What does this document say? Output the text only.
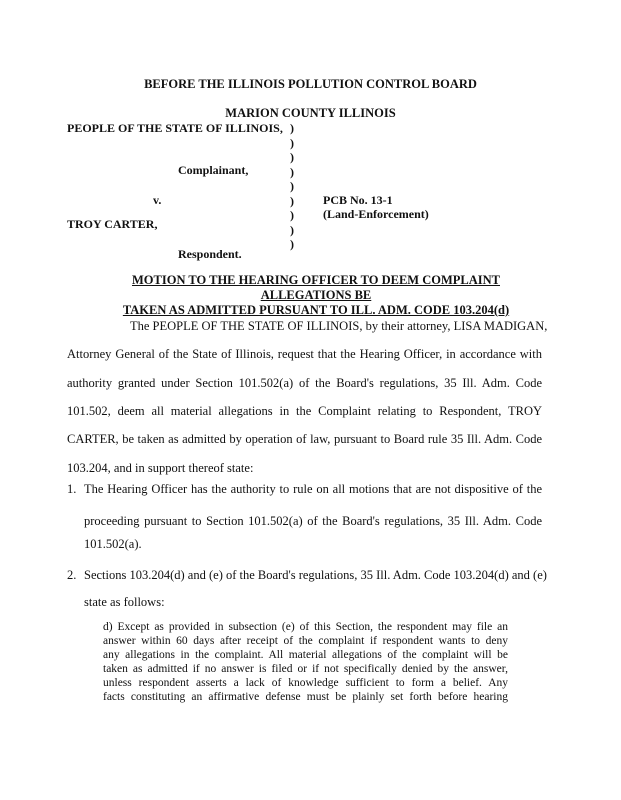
BEFORE THE ILLINOIS POLLUTION CONTROL BOARD
MARION COUNTY ILLINOIS
PEOPLE OF THE STATE OF ILLINOIS,
Complainant,
v.
TROY CARTER,
Respondent.
PCB No. 13-1
(Land-Enforcement)
)
)
)
)
)
)
)
)
)
MOTION TO THE HEARING OFFICER TO DEEM COMPLAINT ALLEGATIONS BE
TAKEN AS ADMITTED PURSUANT TO ILL. ADM. CODE 103.204(d)
The PEOPLE OF THE STATE OF ILLINOIS, by their attorney, LISA MADIGAN,
Attorney General of the State of Illinois, request that the Hearing Officer, in accordance with
authority granted under Section 101.502(a) of the Board's regulations, 35 Ill. Adm. Code
101.502, deem all material allegations in the Complaint relating to Respondent, TROY
CARTER, be taken as admitted by operation of law, pursuant to Board rule 35 Ill. Adm. Code
103.204, and in support thereof state:
1. The Hearing Officer has the authority to rule on all motions that are not dispositive of the
proceeding pursuant to Section 101.502(a) of the Board's regulations, 35 Ill. Adm. Code
101.502(a).
2. Sections 103.204(d) and (e) of the Board's regulations, 35 Ill. Adm. Code 103.204(d) and (e)
state as follows:
d) Except as provided in subsection (e) of this Section, the respondent may file an
answer within 60 days after receipt of the complaint if respondent wants to deny
any allegations in the complaint. All material allegations of the complaint will be
taken as admitted if no answer is filed or if not specifically denied by the answer,
unless respondent asserts a lack of knowledge sufficient to form a belief. Any
facts constituting an affirmative defense must be plainly set forth before hearing
